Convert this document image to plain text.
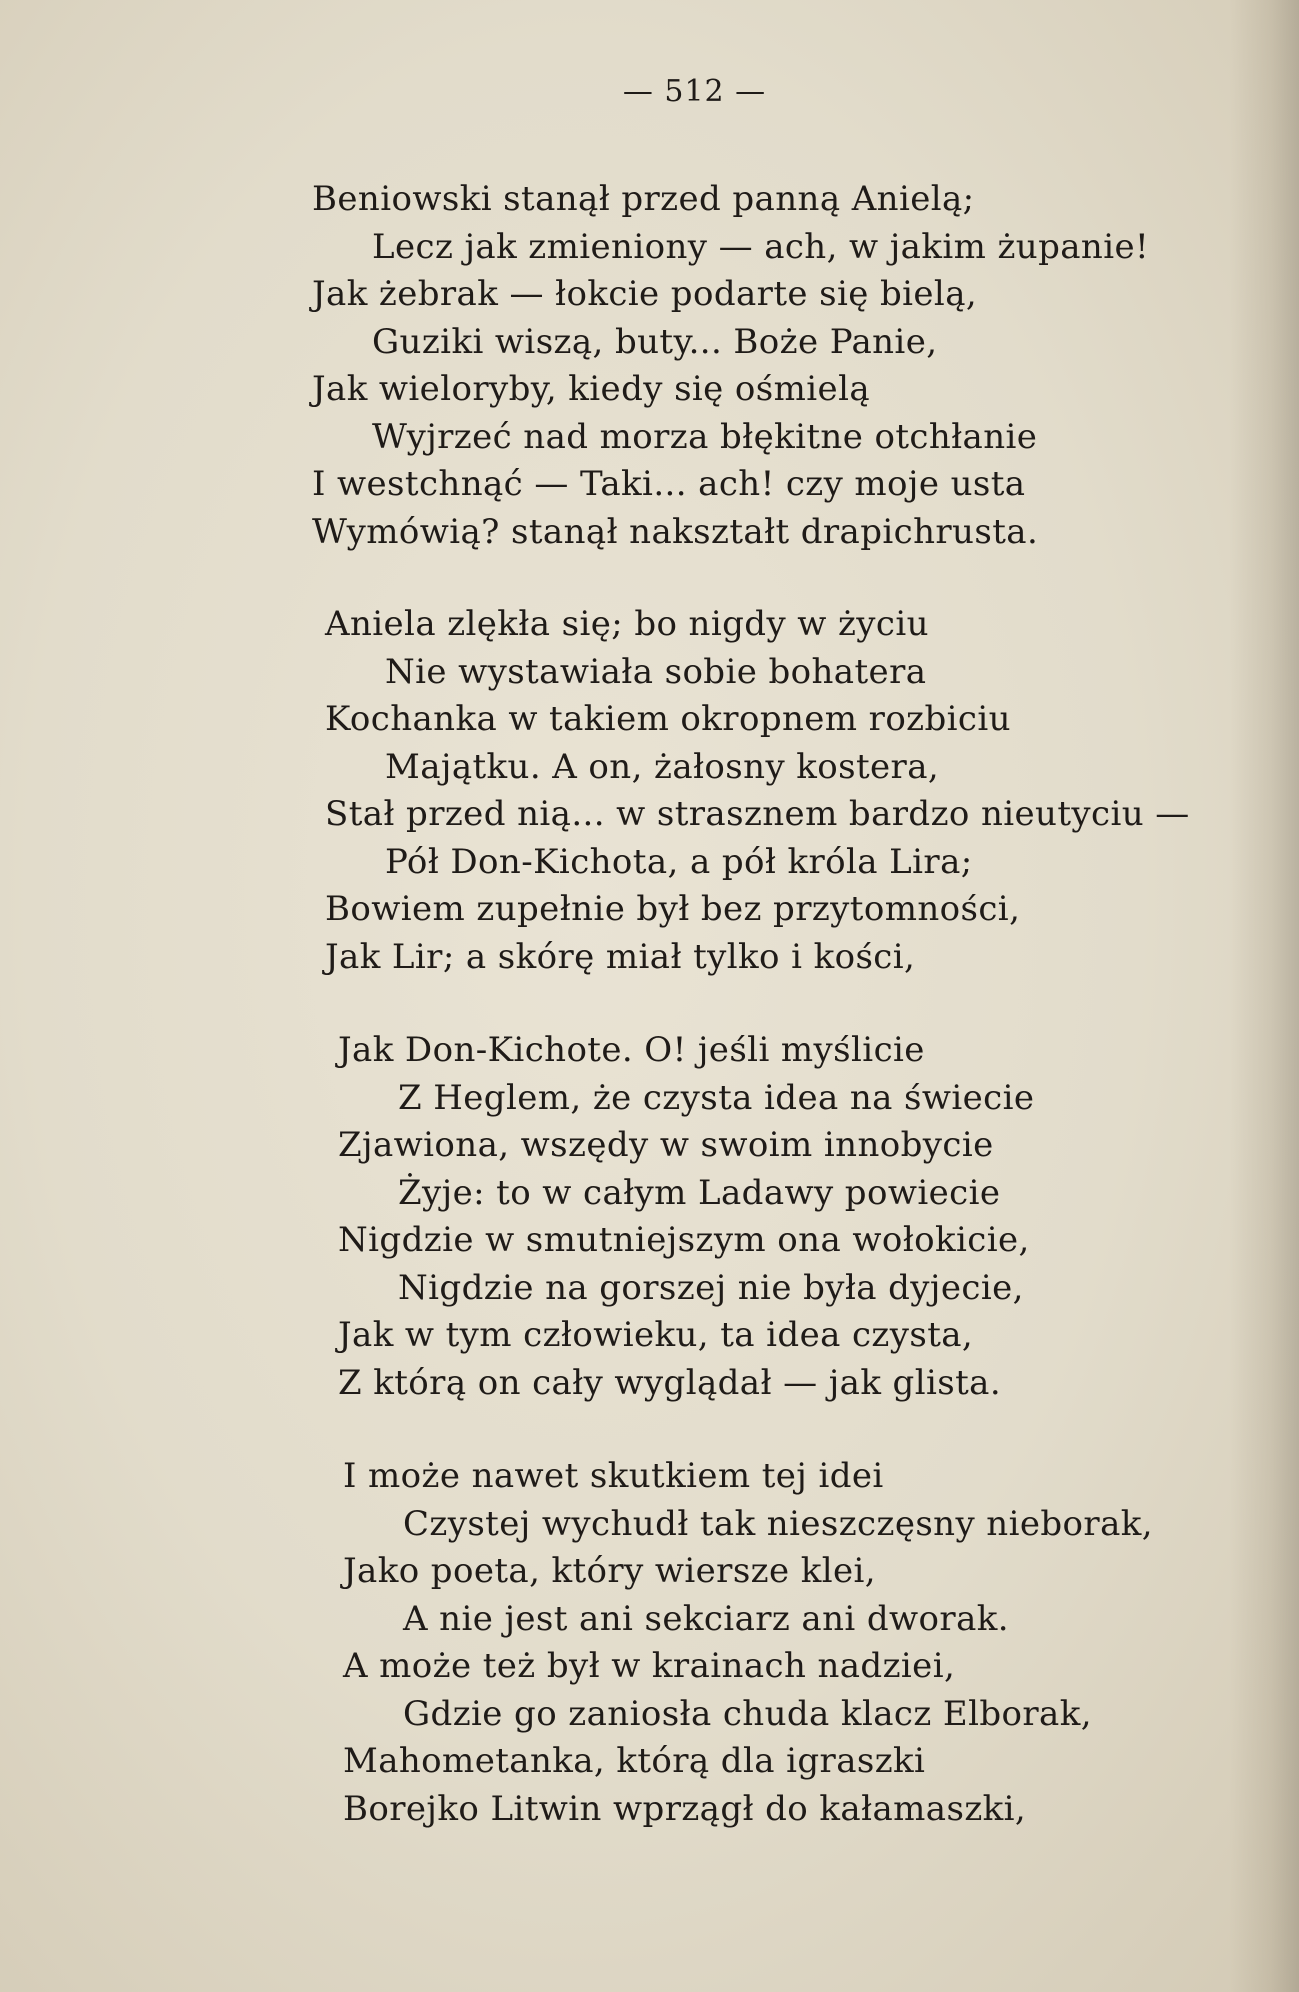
— 512 —
Beniowski stanął przed panną Anielą;
Lecz jak zmieniony — ach, w jakim żupanie!
Jak żebrak — łokcie podarte się bielą,
Guziki wiszą, buty... Boże Panie,
Jak wieloryby, kiedy się ośmielą
Wyjrzeć nad morza błękitne otchłanie
I westchnąć — Taki... ach! czy moje usta
Wymówią? stanął nakształt drapichrusta.
Aniela zlękła się; bo nigdy w życiu
Nie wystawiała sobie bohatera
Kochanka w takiem okropnem rozbiciu
Majątku. A on, żałosny kostera,
Stał przed nią... w strasznem bardzo nieutyciu —
Pół Don-Kichota, a pół króla Lira;
Bowiem zupełnie był bez przytomności,
Jak Lir; a skórę miał tylko i kości,
Jak Don-Kichote. O! jeśli myślicie
Z Heglem, że czysta idea na świecie
Zjawiona, wszędy w swoim innobycie
Żyje: to w całym Ladawy powiecie
Nigdzie w smutniejszym ona wołokicie,
Nigdzie na gorszej nie była dyjecie,
Jak w tym człowieku, ta idea czysta,
Z którą on cały wyglądał — jak glista.
I może nawet skutkiem tej idei
Czystej wychudł tak nieszczęsny nieborak,
Jako poeta, który wiersze klei,
A nie jest ani sekciarz ani dworak.
A może też był w krainach nadziei,
Gdzie go zaniosła chuda klacz Elborak,
Mahometanka, którą dla igraszki
Borejko Litwin wprzągł do kałamaszki,
